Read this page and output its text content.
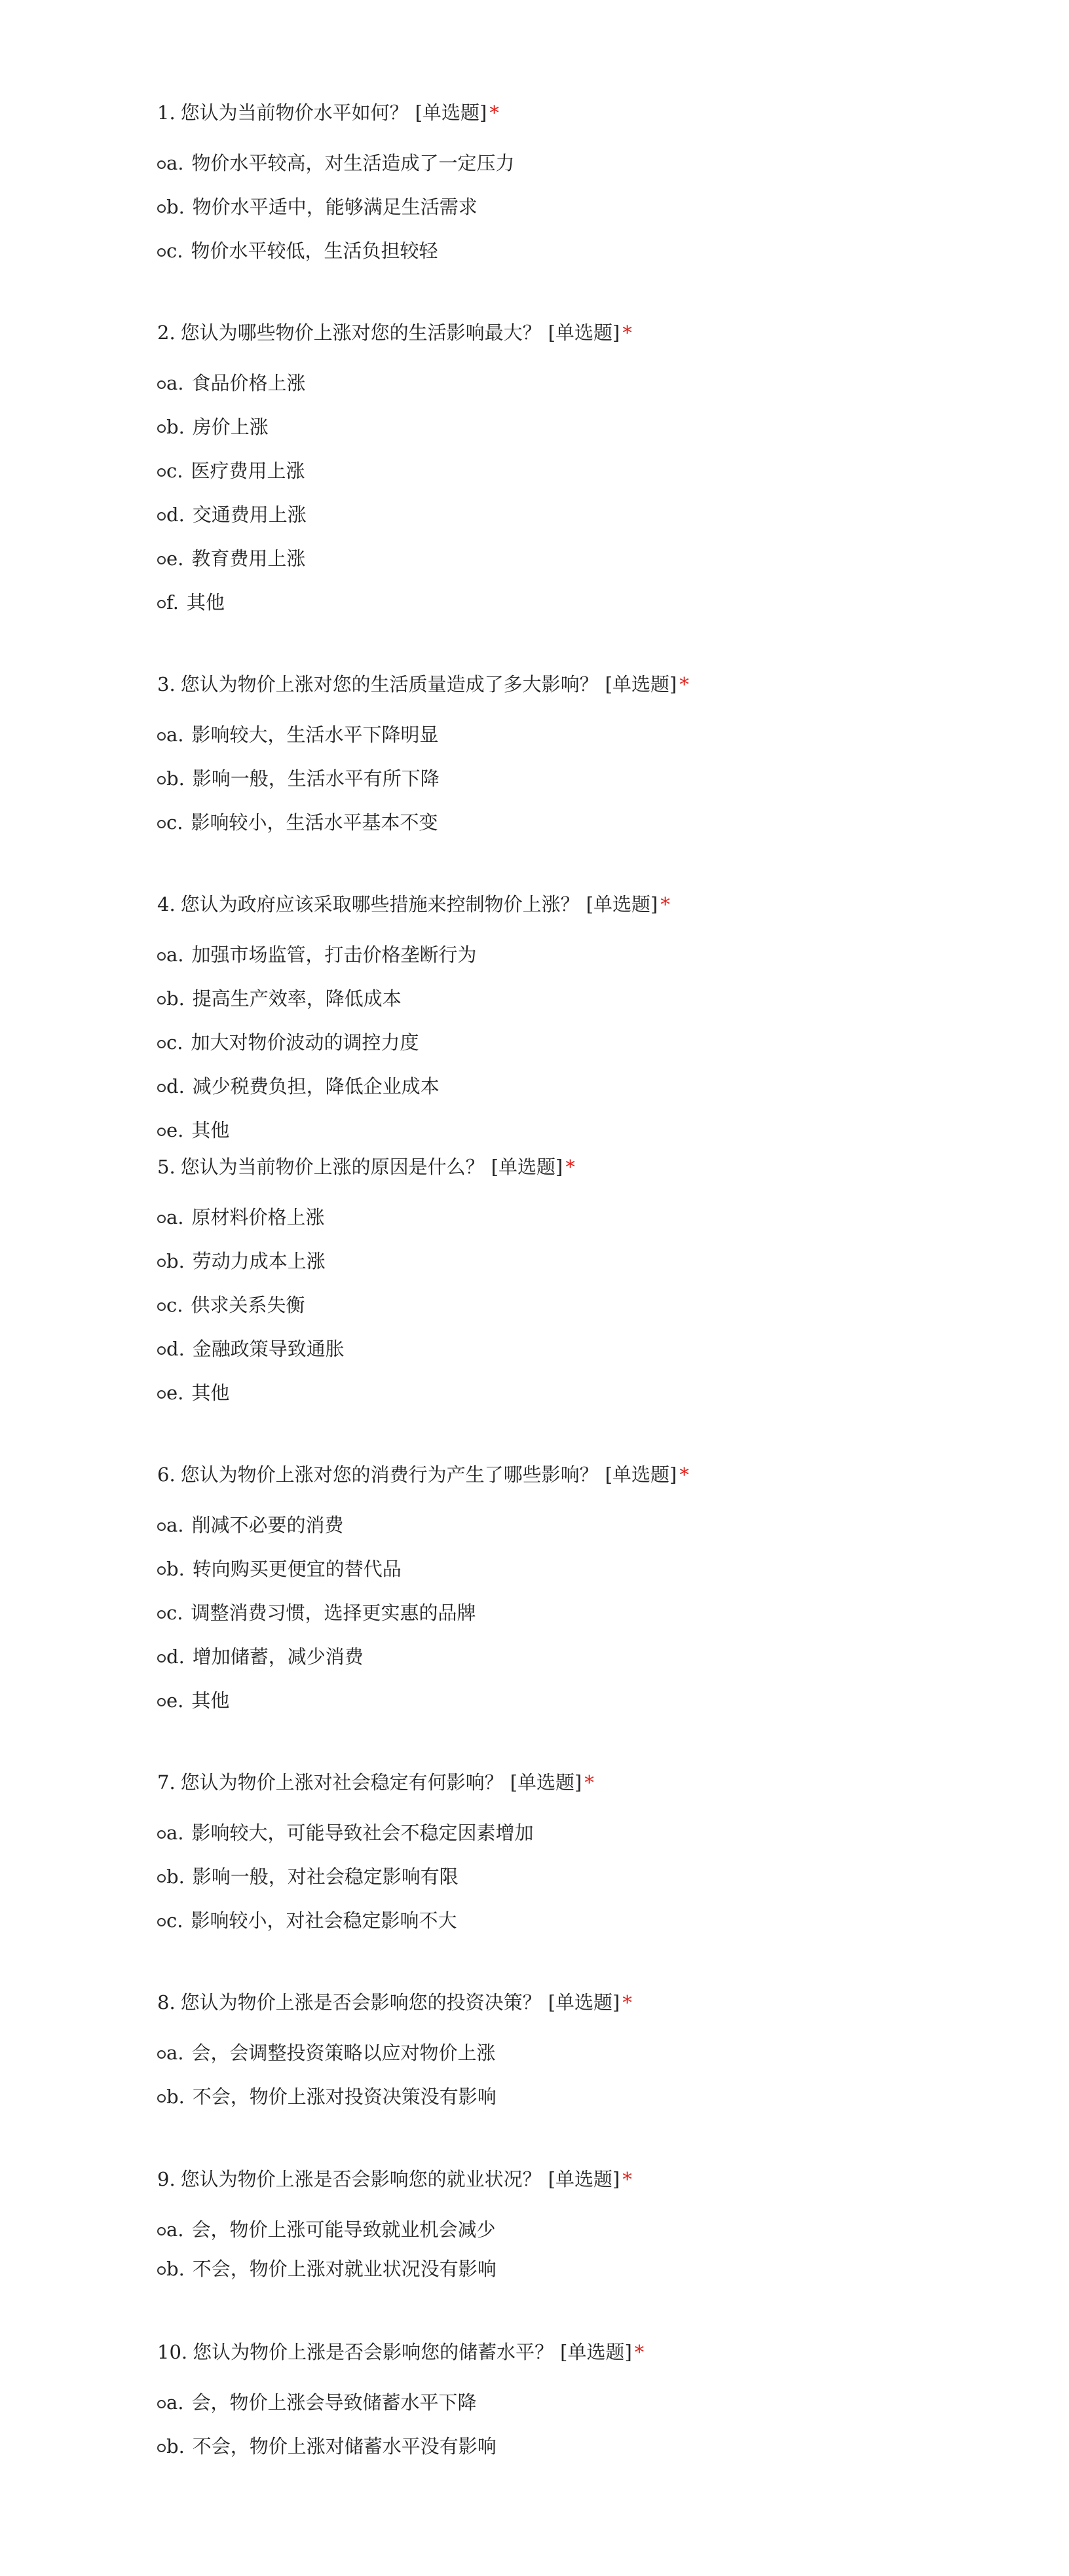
1. 您认为当前物价水平如何？ [单选题] *
a. 物价水平较高，对生活造成了一定压力
b. 物价水平适中，能够满足生活需求
c. 物价水平较低，生活负担较轻
2. 您认为哪些物价上涨对您的生活影响最大？ [单选题] *
a. 食品价格上涨
b. 房价上涨
c. 医疗费用上涨
d. 交通费用上涨
e. 教育费用上涨
f. 其他
3. 您认为物价上涨对您的生活质量造成了多大影响？ [单选题] *
a. 影响较大，生活水平下降明显
b. 影响一般，生活水平有所下降
c. 影响较小，生活水平基本不变
4. 您认为政府应该采取哪些措施来控制物价上涨？ [单选题] *
a. 加强市场监管，打击价格垄断行为
b. 提高生产效率，降低成本
c. 加大对物价波动的调控力度
d. 减少税费负担，降低企业成本
e. 其他
5. 您认为当前物价上涨的原因是什么？ [单选题] *
a. 原材料价格上涨
b. 劳动力成本上涨
c. 供求关系失衡
d. 金融政策导致通胀
e. 其他
6. 您认为物价上涨对您的消费行为产生了哪些影响？ [单选题] *
a. 削减不必要的消费
b. 转向购买更便宜的替代品
c. 调整消费习惯，选择更实惠的品牌
d. 增加储蓄，减少消费
e. 其他
7. 您认为物价上涨对社会稳定有何影响？ [单选题] *
a. 影响较大，可能导致社会不稳定因素增加
b. 影响一般，对社会稳定影响有限
c. 影响较小，对社会稳定影响不大
8. 您认为物价上涨是否会影响您的投资决策？ [单选题] *
a. 会，会调整投资策略以应对物价上涨
b. 不会，物价上涨对投资决策没有影响
9. 您认为物价上涨是否会影响您的就业状况？ [单选题] *
a. 会，物价上涨可能导致就业机会减少
b. 不会，物价上涨对就业状况没有影响
10. 您认为物价上涨是否会影响您的储蓄水平？ [单选题] *
a. 会，物价上涨会导致储蓄水平下降
b. 不会，物价上涨对储蓄水平没有影响
